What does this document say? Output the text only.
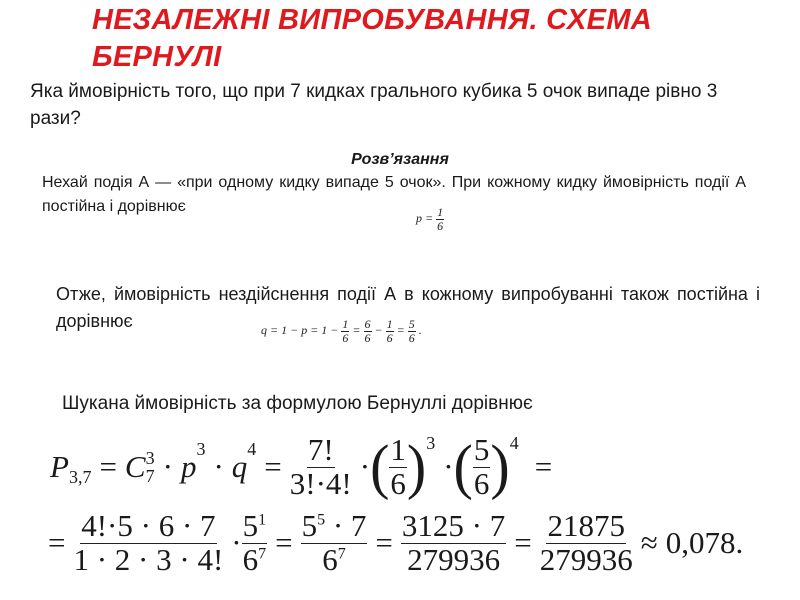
НЕЗАЛЕЖНІ ВИПРОБУВАННЯ. СХЕМА БЕРНУЛІ
Яка ймовірність того, що при 7 кидках грального кубика 5 очок випаде рівно 3 рази?
Розв’язання
Нехай подія А — «при одному кидку випаде 5 очок». При кожному кидку ймовірність події А постійна і дорівнює
$p = \frac{1}{6}$
Отже, ймовірність нездійснення події А в кожному випробуванні також постійна і дорівнює	$q = 1 - p = 1 - \frac{1}{6} = \frac{6}{6} - \frac{1}{6} = \frac{5}{6}$ .
Шукана ймовірність за формулою Бернуллі дорівнює
P 3,7 = C 3
7 · p
3
· q
4
= $\frac{7!}{3!\cdot 4!}$ · ( $\frac{1}{6}$ ) 3
· ( $\frac{5}{6}$ ) 4
=
= $\frac{4!\cdot 5 \cdot 6 \cdot 7}{1 \cdot 2 \cdot 3 \cdot 4!} \cdot \frac{5^1}{6^7} = \frac{5^5 \cdot 7}{6^7} = \frac{3125 \cdot 7}{279936} = \frac{21875}{279936} \approx 0,078$.
